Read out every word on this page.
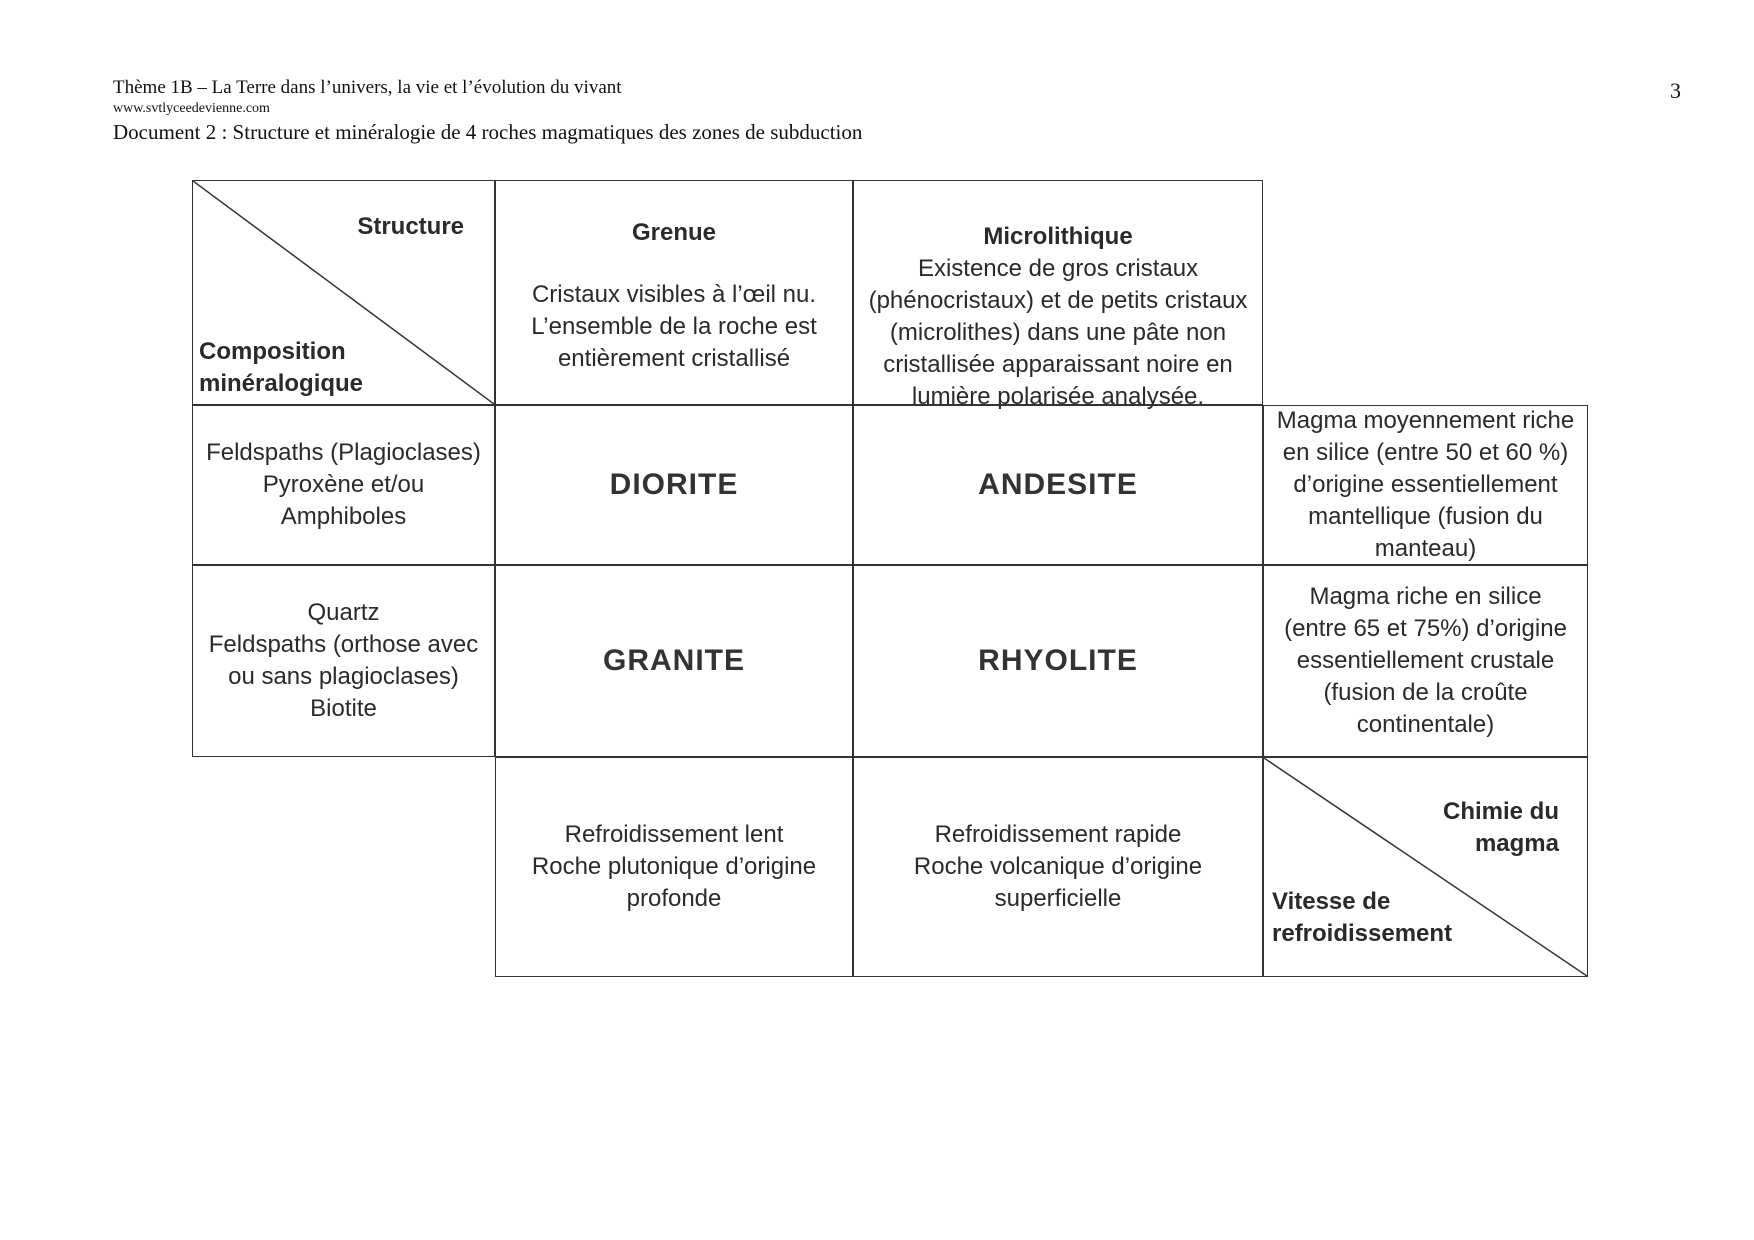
Thème 1B – La Terre dans l’univers, la vie et l’évolution du vivant
www.svtlyceedevienne.com
Document 2 : Structure et minéralogie de 4 roches magmatiques des zones de subduction
3
Structure
Composition
minéralogique
Grenue
Cristaux visibles à l’œil nu.
L’ensemble de la roche est
entièrement cristallisé
Microlithique
Existence de gros cristaux
(phénocristaux) et de petits cristaux
(microlithes) dans une pâte non
cristallisée apparaissant noire en
lumière polarisée analysée.
Feldspaths (Plagioclases)
Pyroxène et/ou
Amphiboles
DIORITE	ANDESITE
Magma moyennement riche
en silice (entre 50 et 60 %)
d’origine essentiellement
mantellique (fusion du
manteau)
Quartz
Feldspaths (orthose avec
ou sans plagioclases)
Biotite
GRANITE	RHYOLITE
Magma riche en silice
(entre 65 et 75%) d’origine
essentiellement crustale
(fusion de la croûte
continentale)
Refroidissement lent
Roche plutonique d’origine
profonde
Refroidissement rapide
Roche volcanique d’origine
superficielle
Chimie du
magma
Vitesse de
refroidissement
